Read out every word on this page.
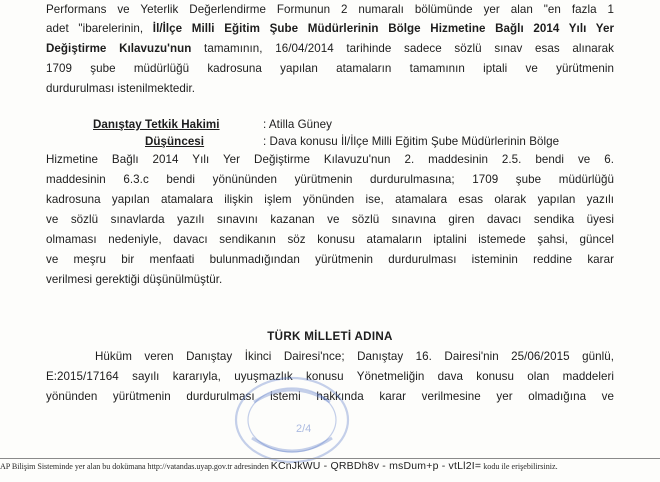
Performans ve Yeterlik Değerlendirme Formunun 2 numaralı bölümünde yer alan "en fazla 1
adet "ibarelerinin, İl/İlçe Milli Eğitim Şube Müdürlerinin Bölge Hizmetine Bağlı 2014 Yılı Yer
Değiştirme Kılavuzu'nun tamamının, 16/04/2014 tarihinde sadece sözlü sınav esas alınarak
1709 şube müdürlüğü kadrosuna yapılan atamaların tamamının iptali ve yürütmenin
durdurulması istenilmektedir.
Danıştay Tetkik Hakimi	: Atilla Güney
Düşüncesi	: Dava konusu İl/İlçe Milli Eğitim Şube Müdürlerinin Bölge
Hizmetine Bağlı 2014 Yılı Yer Değiştirme Kılavuzu'nun 2. maddesinin 2.5. bendi ve 6.
maddesinin 6.3.c bendi yönününden yürütmenin durdurulmasına; 1709 şube müdürlüğü
kadrosuna yapılan atamalara ilişkin işlem yönünden ise, atamalara esas olarak yapılan yazılı
ve sözlü sınavlarda yazılı sınavını kazanan ve sözlü sınavına giren davacı sendika üyesi
olmaması nedeniyle, davacı sendikanın söz konusu atamaların iptalini istemede şahsi, güncel
ve meşru bir menfaati bulunmadığından yürütmenin durdurulması isteminin reddine karar
verilmesi gerektiği düşünülmüştür.
TÜRK MİLLETİ ADINA
Hüküm veren Danıştay İkinci Dairesi'nce; Danıştay 16. Dairesi'nin 25/06/2015 günlü,
E:2015/17164 sayılı kararıyla, uyuşmazlık konusu Yönetmeliğin dava konusu olan maddeleri
yönünden yürütmenin durdurulması istemi hakkında karar verilmesine yer olmadığına ve
2/4
AP Bilişim Sisteminde yer alan bu dokümana http://vatandas.uyap.gov.tr adresinden KCnJkWU - QRBDh8v - msDum+p - vtLl2I= kodu ile erişebilirsiniz.
